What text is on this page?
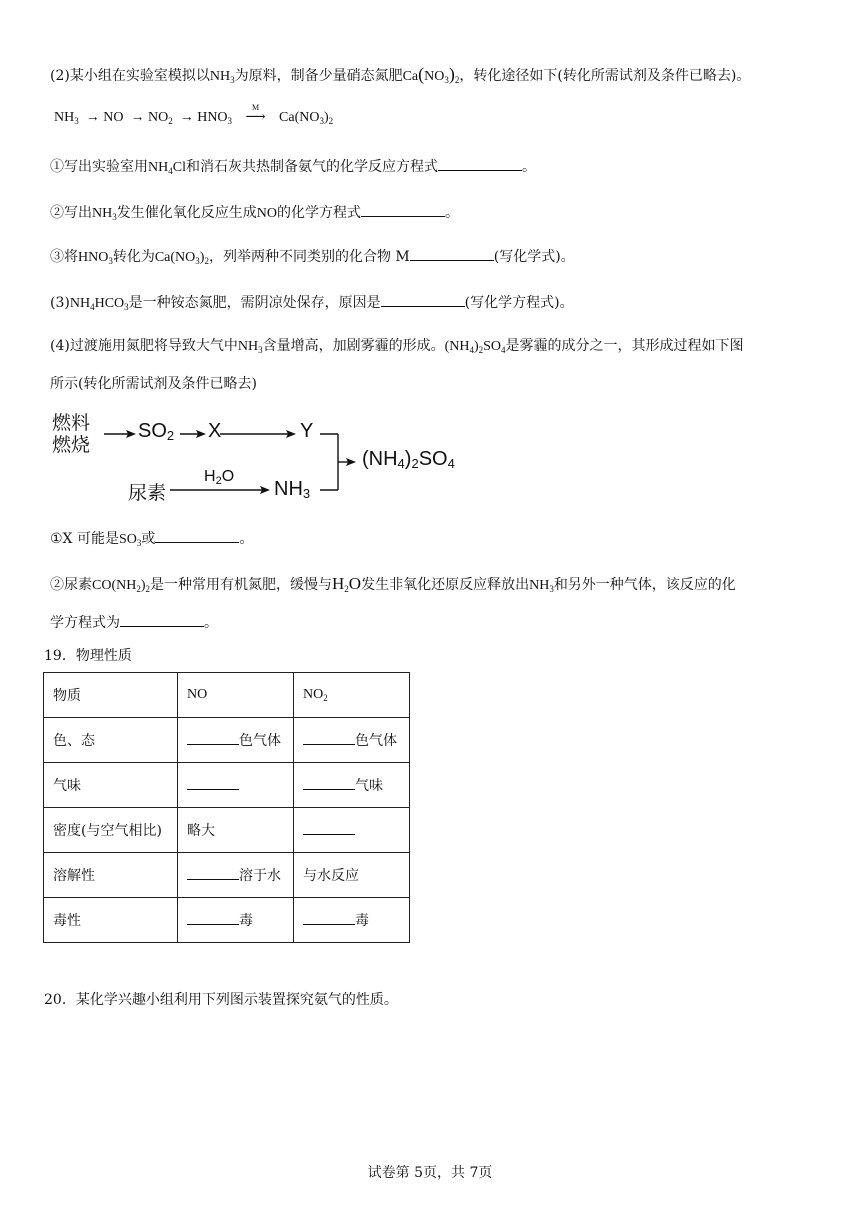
(2)某小组在实验室模拟以$NH_3$为原料，制备少量硝态氮肥$Ca(NO_3)_2$，转化途径如下(转化所需试剂及条件已略去)。
$NH_3$  → NO  → $NO_2 \to HNO_3$
M
⟶ $Ca(NO_3)_2$
①写出实验室用$NH_4Cl$和消石灰共热制备氨气的化学反应方程式	。
②写出$NH_3$发生催化氧化反应生成NO的化学方程式	。
③将$HNO_3$转化为$Ca(NO_3)_2$，列举两种不同类别的化合物 M	(写化学式)。
$(3)NH_4HCO_3$是一种铵态氮肥，需阴凉处保存，原因是	(写化学方程式)。
(4)过渡施用氮肥将导致大气中$NH_3$含量增高，加剧雾霾的形成。$(NH_4)_2SO_4$是雾霾的成分之一，其形成过程如下图
所示(转化所需试剂及条件已略去)
燃料
燃烧
$SO_2$ X	Y
尿素
$H_2O$
$NH_3$
$(NH_4)_2SO_4$
①X 可能是$SO_3$或	。
②尿素$CO(NH_2)_2$是一种常用有机氮肥，缓慢与$H_2O$发生非氧化还原反应释放出$NH_3$和另外一种气体，该反应的化
学方程式为	。
19．物理性质
物质	NO	$NO_2$
色、态	色气体	色气体
气味		气味
密度(与空气相比)	略大	
溶解性	溶于水	与水反应
毒性	毒	毒
20．某化学兴趣小组利用下列图示装置探究氨气的性质。
试卷第 5页，共 7页
